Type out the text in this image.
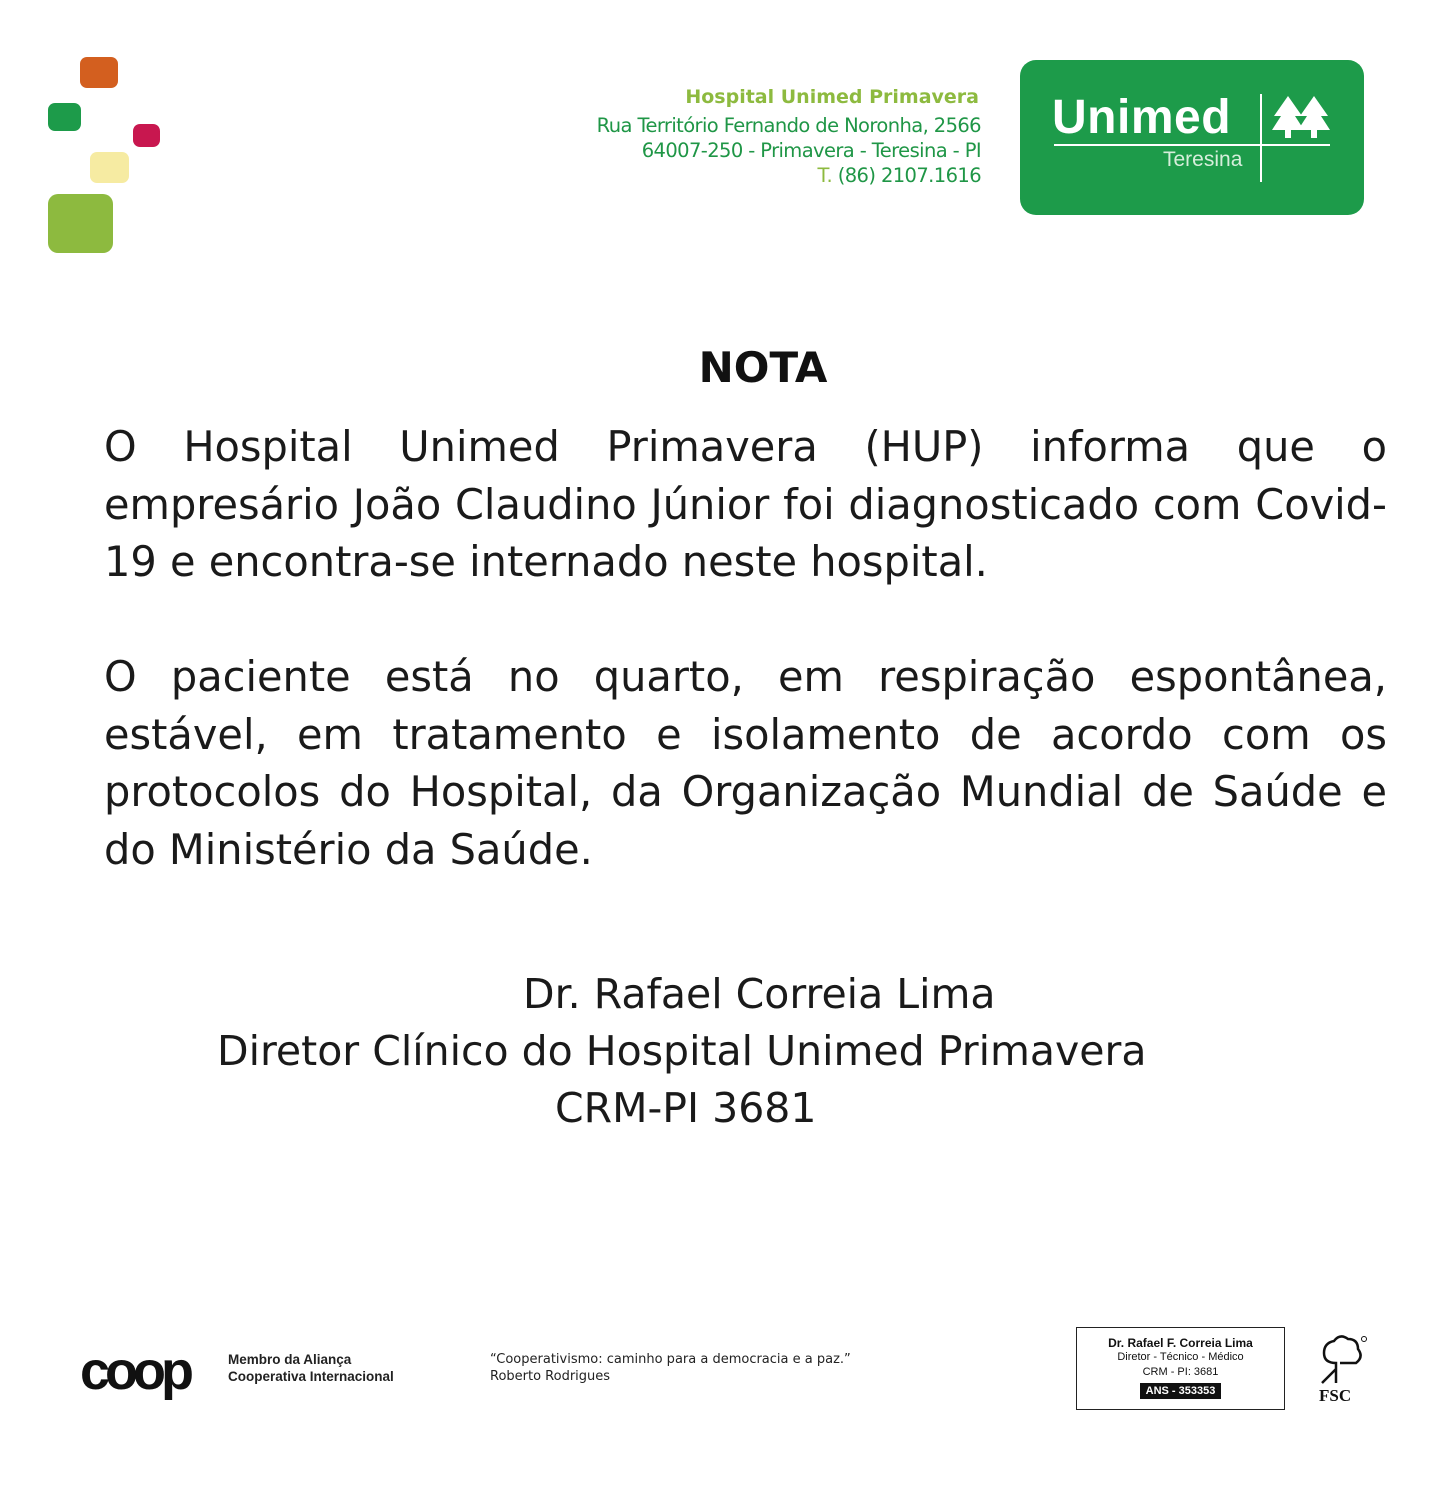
Hospital Unimed Primavera
Rua Território Fernando de Noronha, 2566
64007-250 - Primavera - Teresina - PI
T. (86) 2107.1616
Unimed
Teresina
NOTA
O Hospital Unimed Primavera (HUP) informa que o empresário João Claudino Júnior foi diagnosticado com Covid-19 e encontra-se internado neste hospital.
O paciente está no quarto, em respiração espontânea, estável, em tratamento e isolamento de acordo com os protocolos do Hospital, da Organização Mundial de Saúde e do Ministério da Saúde.
Dr. Rafael Correia Lima
Diretor Clínico do Hospital Unimed Primavera
CRM-PI 3681
coop	Membro da Aliança
Cooperativa Internacional
“Cooperativismo: caminho para a democracia e a paz.”
Roberto Rodrigues
Dr. Rafael F. Correia Lima
Diretor - Técnico - Médico
CRM - PI: 3681
ANS - 353353	FSC
